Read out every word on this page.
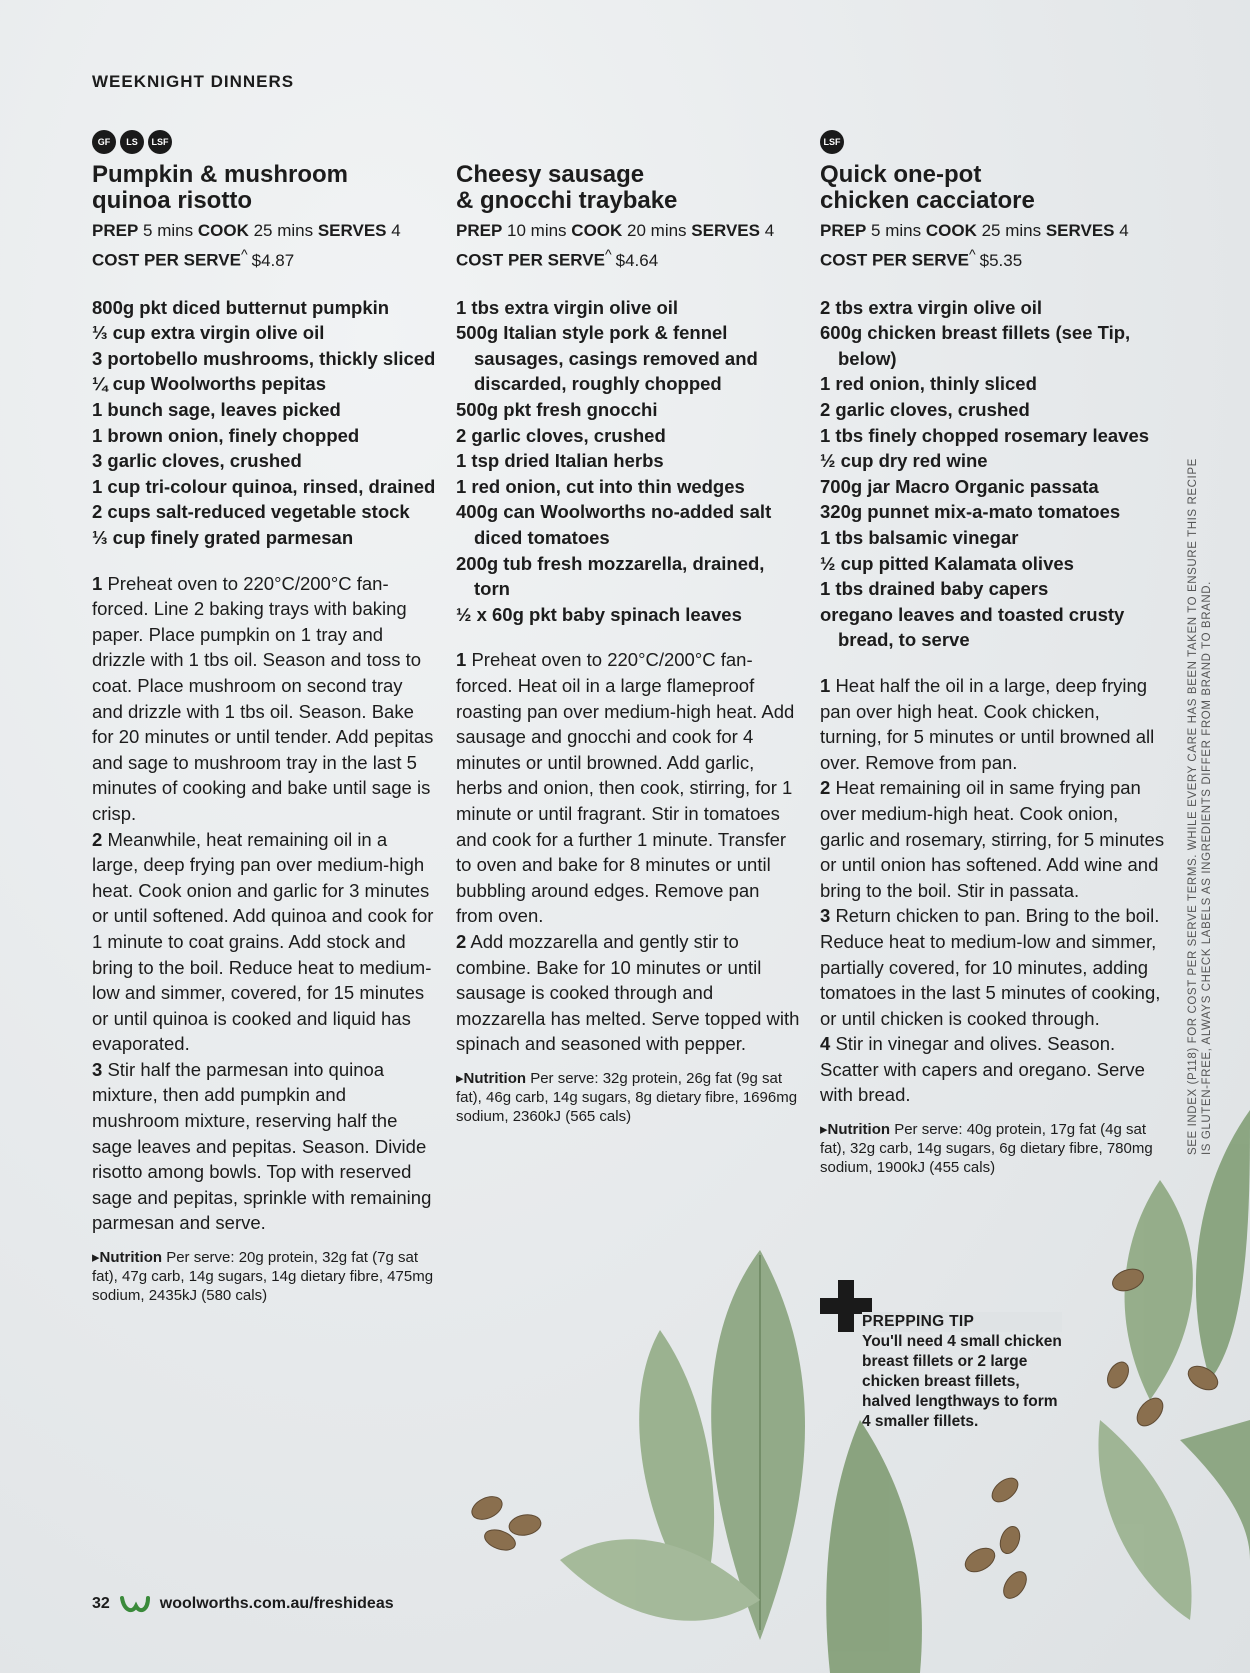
WEEKNIGHT DINNERS
GF	LS	LSF
Pumpkin & mushroom
quinoa risotto
PREP 5 mins COOK 25 mins SERVES 4
COST PER SERVE^ $4.87
800g pkt diced butternut pumpkin
⅓ cup extra virgin olive oil
3 portobello mushrooms, thickly sliced
¼ cup Woolworths pepitas
1 bunch sage, leaves picked
1 brown onion, finely chopped
3 garlic cloves, crushed
1 cup tri-colour quinoa, rinsed, drained
2 cups salt-reduced vegetable stock
⅓ cup finely grated parmesan

1 Preheat oven to 220°C/200°C fan-forced. Line 2 baking trays with baking paper. Place pumpkin on 1 tray and drizzle with 1 tbs oil. Season and toss to coat. Place mushroom on second tray and drizzle with 1 tbs oil. Season. Bake for 20 minutes or until tender. Add pepitas and sage to mushroom tray in the last 5 minutes of cooking and bake until sage is crisp.

2 Meanwhile, heat remaining oil in a large, deep frying pan over medium-high heat. Cook onion and garlic for 3 minutes or until softened. Add quinoa and cook for 1 minute to coat grains. Add stock and bring to the boil. Reduce heat to medium-low and simmer, covered, for 15 minutes or until quinoa is cooked and liquid has evaporated.

3 Stir half the parmesan into quinoa mixture, then add pumpkin and mushroom mixture, reserving half the sage leaves and pepitas. Season. Divide risotto among bowls. Top with reserved sage and pepitas, sprinkle with remaining parmesan and serve.

▸Nutrition Per serve: 20g protein, 32g fat (7g sat fat), 47g carb, 14g sugars, 14g dietary fibre, 475mg sodium, 2435kJ (580 cals)
Cheesy sausage
& gnocchi traybake
PREP 10 mins COOK 20 mins SERVES 4
COST PER SERVE^ $4.64
1 tbs extra virgin olive oil
500g Italian style pork & fennel sausages, casings removed and discarded, roughly chopped
500g pkt fresh gnocchi
2 garlic cloves, crushed
1 tsp dried Italian herbs
1 red onion, cut into thin wedges
400g can Woolworths no-added salt diced tomatoes
200g tub fresh mozzarella, drained, torn
½ x 60g pkt baby spinach leaves

1 Preheat oven to 220°C/200°C fan-forced. Heat oil in a large flameproof roasting pan over medium-high heat. Add sausage and gnocchi and cook for 4 minutes or until browned. Add garlic, herbs and onion, then cook, stirring, for 1 minute or until fragrant. Stir in tomatoes and cook for a further 1 minute. Transfer to oven and bake for 8 minutes or until bubbling around edges. Remove pan from oven.

2 Add mozzarella and gently stir to combine. Bake for 10 minutes or until sausage is cooked through and mozzarella has melted. Serve topped with spinach and seasoned with pepper.

▸Nutrition Per serve: 32g protein, 26g fat (9g sat fat), 46g carb, 14g sugars, 8g dietary fibre, 1696mg sodium, 2360kJ (565 cals)
LSF
Quick one-pot
chicken cacciatore
PREP 5 mins COOK 25 mins SERVES 4
COST PER SERVE^ $5.35
2 tbs extra virgin olive oil
600g chicken breast fillets (see Tip, below)
1 red onion, thinly sliced
2 garlic cloves, crushed
1 tbs finely chopped rosemary leaves
½ cup dry red wine
700g jar Macro Organic passata
320g punnet mix-a-mato tomatoes
1 tbs balsamic vinegar
½ cup pitted Kalamata olives
1 tbs drained baby capers
oregano leaves and toasted crusty bread, to serve

1 Heat half the oil in a large, deep frying pan over high heat. Cook chicken, turning, for 5 minutes or until browned all over. Remove from pan.

2 Heat remaining oil in same frying pan over medium-high heat. Cook onion, garlic and rosemary, stirring, for 5 minutes or until onion has softened. Add wine and bring to the boil. Stir in passata.

3 Return chicken to pan. Bring to the boil. Reduce heat to medium-low and simmer, partially covered, for 10 minutes, adding tomatoes in the last 5 minutes of cooking, or until chicken is cooked through.

4 Stir in vinegar and olives. Season. Scatter with capers and oregano. Serve with bread.

▸Nutrition Per serve: 40g protein, 17g fat (4g sat fat), 32g carb, 14g sugars, 6g dietary fibre, 780mg sodium, 1900kJ (455 cals)
PREPPING TIP
You'll need 4 small chicken breast fillets or 2 large chicken breast fillets, halved lengthways to form 4 smaller fillets.
SEE INDEX (P118) FOR COST PER SERVE TERMS. WHILE EVERY CARE HAS BEEN TAKEN TO ENSURE THIS RECIPE IS GLUTEN-FREE, ALWAYS CHECK LABELS AS INGREDIENTS DIFFER FROM BRAND TO BRAND.
32	woolworths.com.au/freshideas
